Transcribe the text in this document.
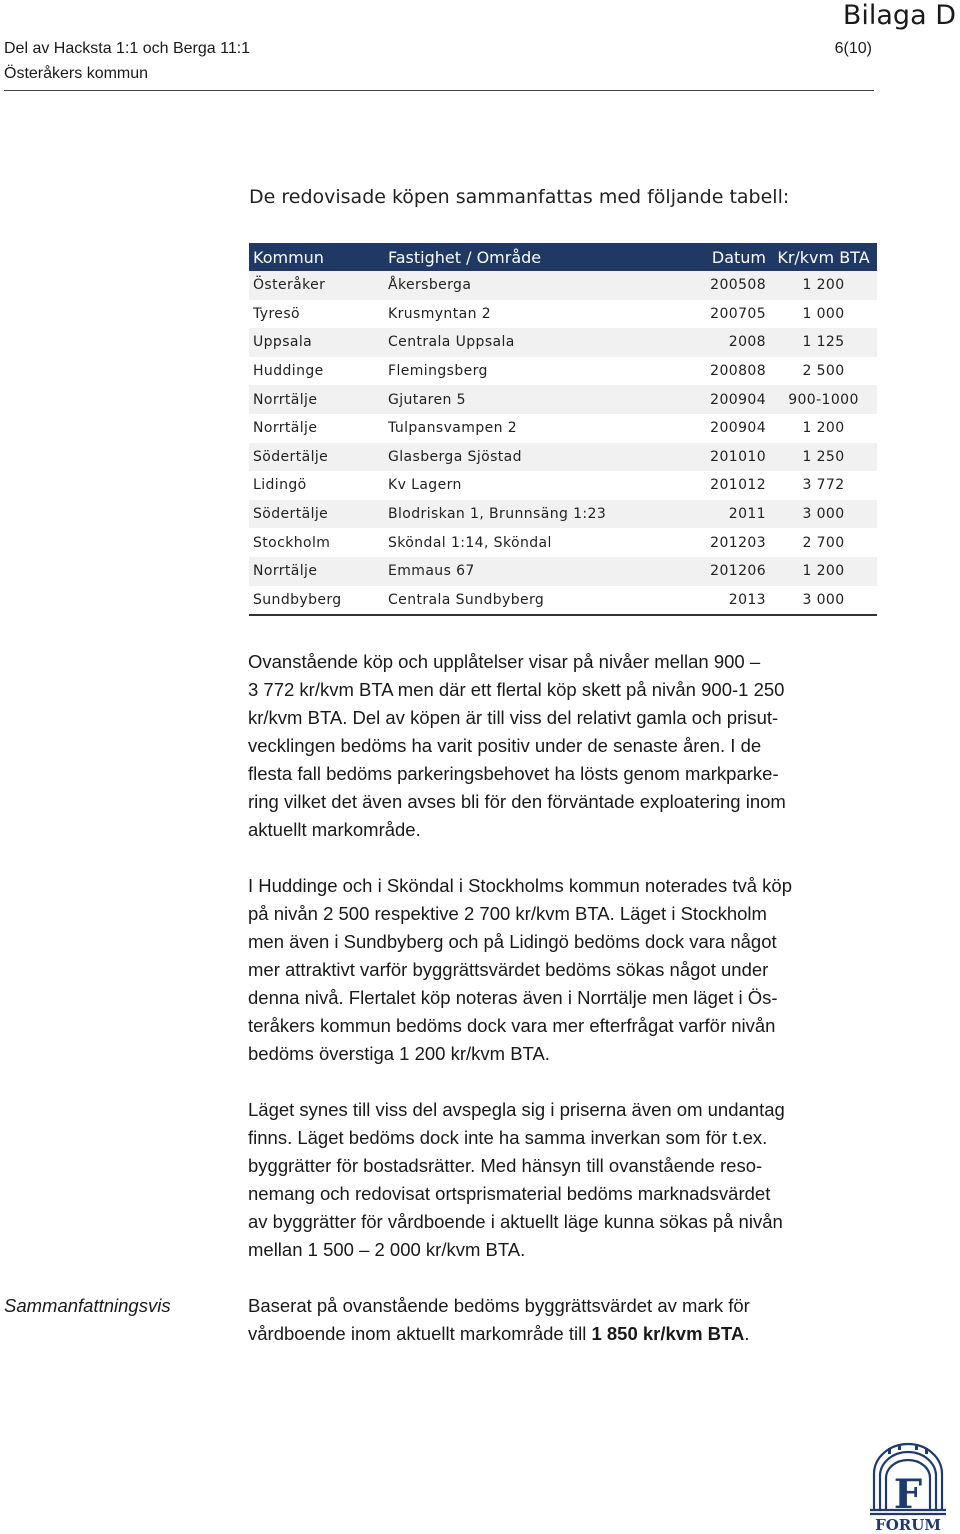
Bilaga D
Del av Hacksta 1:1 och Berga 11:1	6(10)
Österåkers kommun
De redovisade köpen sammanfattas med följande tabell:
Kommun	Fastighet / Område	Datum	Kr/kvm BTA
Österåker	Åkersberga	200508	1 200
Tyresö	Krusmyntan 2	200705	1 000
Uppsala	Centrala Uppsala	2008	1 125
Huddinge	Flemingsberg	200808	2 500
Norrtälje	Gjutaren 5	200904	900-1000
Norrtälje	Tulpansvampen 2	200904	1 200
Södertälje	Glasberga Sjöstad	201010	1 250
Lidingö	Kv Lagern	201012	3 772
Södertälje	Blodriskan 1, Brunnsäng 1:23	2011	3 000
Stockholm	Sköndal 1:14, Sköndal	201203	2 700
Norrtälje	Emmaus 67	201206	1 200
Sundbyberg	Centrala Sundbyberg	2013	3 000
Ovanstående köp och upplåtelser visar på nivåer mellan 900 –
3 772 kr/kvm BTA men där ett flertal köp skett på nivån 900-1 250
kr/kvm BTA. Del av köpen är till viss del relativt gamla och prisut-
vecklingen bedöms ha varit positiv under de senaste åren. I de
flesta fall bedöms parkeringsbehovet ha lösts genom markparke-
ring vilket det även avses bli för den förväntade exploatering inom
aktuellt markområde.
I Huddinge och i Sköndal i Stockholms kommun noterades två köp
på nivån 2 500 respektive 2 700 kr/kvm BTA. Läget i Stockholm
men även i Sundbyberg och på Lidingö bedöms dock vara något
mer attraktivt varför byggrättsvärdet bedöms sökas något under
denna nivå. Flertalet köp noteras även i Norrtälje men läget i Ös-
teråkers kommun bedöms dock vara mer efterfrågat varför nivån
bedöms överstiga 1 200 kr/kvm BTA.
Läget synes till viss del avspegla sig i priserna även om undantag
finns. Läget bedöms dock inte ha samma inverkan som för t.ex.
byggrätter för bostadsrätter. Med hänsyn till ovanstående reso-
nemang och redovisat ortsprismaterial bedöms marknadsvärdet
av byggrätter för vårdboende i aktuellt läge kunna sökas på nivån
mellan 1 500 – 2 000 kr/kvm BTA.
Sammanfattningsvis	Baserat på ovanstående bedöms byggrättsvärdet av mark för
vårdboende inom aktuellt markområde till 1 850 kr/kvm BTA.
F
FORUM
